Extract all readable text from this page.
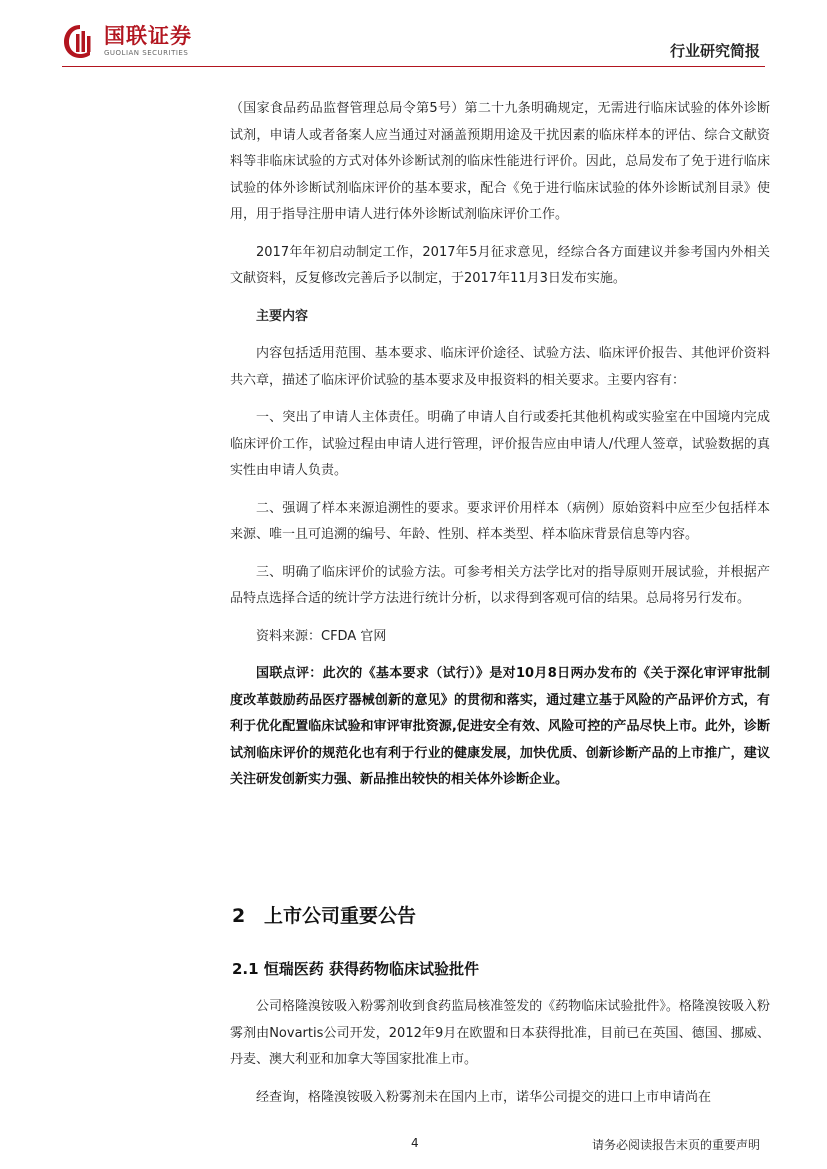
国联证券
GUOLIAN SECURITIES	行业研究简报

（国家食品药品监督管理总局令第5号）第二十九条明确规定，无需进行临床试验的体外诊断试剂，申请人或者备案人应当通过对涵盖预期用途及干扰因素的临床样本的评估、综合文献资料等非临床试验的方式对体外诊断试剂的临床性能进行评价。因此，总局发布了免于进行临床试验的体外诊断试剂临床评价的基本要求，配合《免于进行临床试验的体外诊断试剂目录》使用，用于指导注册申请人进行体外诊断试剂临床评价工作。

2017年年初启动制定工作，2017年5月征求意见，经综合各方面建议并参考国内外相关文献资料，反复修改完善后予以制定，于2017年11月3日发布实施。

主要内容

内容包括适用范围、基本要求、临床评价途径、试验方法、临床评价报告、其他评价资料共六章，描述了临床评价试验的基本要求及申报资料的相关要求。主要内容有：

一、突出了申请人主体责任。明确了申请人自行或委托其他机构或实验室在中国境内完成临床评价工作，试验过程由申请人进行管理，评价报告应由申请人/代理人签章，试验数据的真实性由申请人负责。

二、强调了样本来源追溯性的要求。要求评价用样本（病例）原始资料中应至少包括样本来源、唯一且可追溯的编号、年龄、性别、样本类型、样本临床背景信息等内容。

三、明确了临床评价的试验方法。可参考相关方法学比对的指导原则开展试验，并根据产品特点选择合适的统计学方法进行统计分析，以求得到客观可信的结果。总局将另行发布。

资料来源：CFDA 官网

国联点评：此次的《基本要求（试行）》是对10月8日两办发布的《关于深化审评审批制度改革鼓励药品医疗器械创新的意见》的贯彻和落实，通过建立基于风险的产品评价方式，有利于优化配置临床试验和审评审批资源,促进安全有效、风险可控的产品尽快上市。此外，诊断试剂临床评价的规范化也有利于行业的健康发展，加快优质、创新诊断产品的上市推广，建议关注研发创新实力强、新品推出较快的相关体外诊断企业。

2 上市公司重要公告
2.1 恒瑞医药 获得药物临床试验批件

公司格隆溴铵吸入粉雾剂收到食药监局核准签发的《药物临床试验批件》。格隆溴铵吸入粉雾剂由Novartis公司开发，2012年9月在欧盟和日本获得批准，目前已在英国、德国、挪威、丹麦、澳大利亚和加拿大等国家批准上市。

经查询，格隆溴铵吸入粉雾剂未在国内上市，诺华公司提交的进口上市申请尚在

4	请务必阅读报告末页的重要声明
